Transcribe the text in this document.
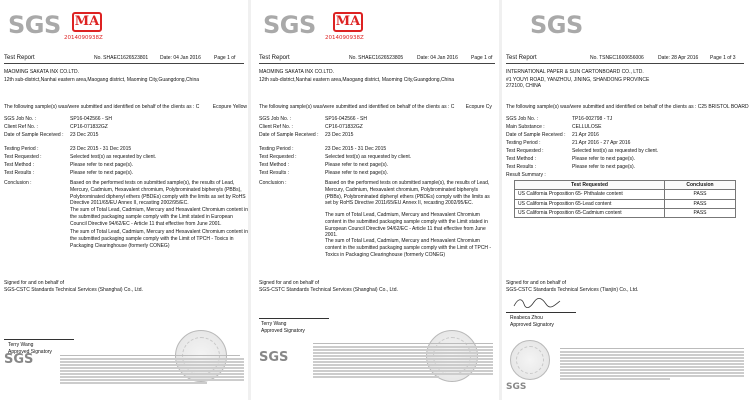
SGS MA
2014090938Z
Test Report	No. SHAEC1626523801 Date: 04 Jan 2016	Page 1 of
MAOMING SAKATA INX CO.LTD.
12th sub-district,Nanhai eastern area,Maogang district, Maoming City,Guangdong,China
The following sample(s) was/were submitted and identified on behalf of the clients as : C	Ecopure Yellow
SGS Job No. :	SP16-042566 - SH
Client Ref No. :	CP16-071832GZ
Date of Sample Received : 23 Dec 2015
Testing Period :	23 Dec 2015 - 31 Dec 2015
Test Requested :	Selected test(s) as requested by client.
Test Method :	Please refer to next page(s).
Test Results :	Please refer to next page(s).
Conclusion :	Based on the performed tests on submitted sample(s), the results of Lead, Mercury, Cadmium, Hexavalent chromium, Polybrominated biphenyls (PBBs), Polybrominated diphenyl ethers (PBDEs) comply with the limits as set by RoHS Directive 2011/65/EU Annex II, recasting 2002/95/EC.
The sum of Total Lead, Cadmium, Mercury and Hexavalent Chromium content in the submitted packaging sample comply with the Limit stated in European Council Directive 94/62/EC - Article 11 that effective from June 2001.
The sum of Total Lead, Cadmium, Mercury and Hexavalent Chromium content in the submitted packaging sample comply with the Limit of TPCH - Toxics in Packaging Clearinghouse (formerly CONEG)
Signed for and on behalf of
SGS-CSTC Standards Technical Services (Shanghai) Co., Ltd.
Terry Wang
Approved Signatory
SGS
SGS MA
2014090938Z
Test Report	No. SHAEC1626523805	Date: 04 Jan 2016	Page 1 of
MAOMING SAKATA INX CO.LTD.
12th sub-district,Nanhai eastern area,Maogang district, Maoming City,Guangdong,China
The following sample(s) was/were submitted and identified on behalf of the clients as : C Ecopure Cy
SGS Job No. :	SP16-042566 - SH
Client Ref No. :	CP16-071832GZ
Date of Sample Received : 23 Dec 2015
Testing Period :	23 Dec 2015 - 31 Dec 2015
Test Requested :	Selected test(s) as requested by client.
Test Method :	Please refer to next page(s).
Test Results :	Please refer to next page(s).
Conclusion :	Based on the performed tests on submitted sample(s), the results of Lead, Mercury, Cadmium, Hexavalent chromium, Polybrominated biphenyls (PBBs), Polybrominated diphenyl ethers (PBDEs) comply with the limits as set by RoHS Directive 2011/65/EU Annex II, recasting 2002/95/EC.
The sum of Total Lead, Cadmium, Mercury and Hexavalent Chromium content in the submitted packaging sample comply with the Limit stated in European Council Directive 94/62/EC - Article 11 that effective from June 2001.
The sum of Total Lead, Cadmium, Mercury and Hexavalent Chromium content in the submitted packaging sample comply with the Limit of TPCH - Toxics in Packaging Clearinghouse (formerly CONEG)
Signed for and on behalf of
SGS-CSTC Standards Technical Services (Shanghai) Co., Ltd.
Terry Wang
Approved Signatory
SGS
SGS
Test Report	No. TSNEC1600656006	Date: 28 Apr 2016 Page 1 of 3
INTERNATIONAL PAPER & SUN CARTONBOARD CO., LTD.
#1 YOUYI ROAD, YANZHOU, JINING, SHANDONG PROVINCE 272100, CHINA
The following sample(s) was/were submitted and identified on behalf of the clients as : C25 BRISTOL BOARD
SGS Job No. :	TP16-002798 - TJ
Main Substance :	CELLULOSE
Date of Sample Received : 21 Apr 2016
Testing Period :	21 Apr 2016 - 27 Apr 2016
Test Requested :	Selected test(s) as requested by client.
Test Method :	Please refer to next page(s).
Test Results :	Please refer to next page(s).
Result Summary :
Test Requested	Conclusion
US California Proposition 65- Phthalate content	PASS
US California Proposition 65-Lead content	PASS
US California Proposition 65-Cadmium content	PASS
Signed for and on behalf of
SGS-CSTC Standards Technical Services (Tianjin) Co., Ltd.
Reabeca Zhou
Approved Signatory
SGS
